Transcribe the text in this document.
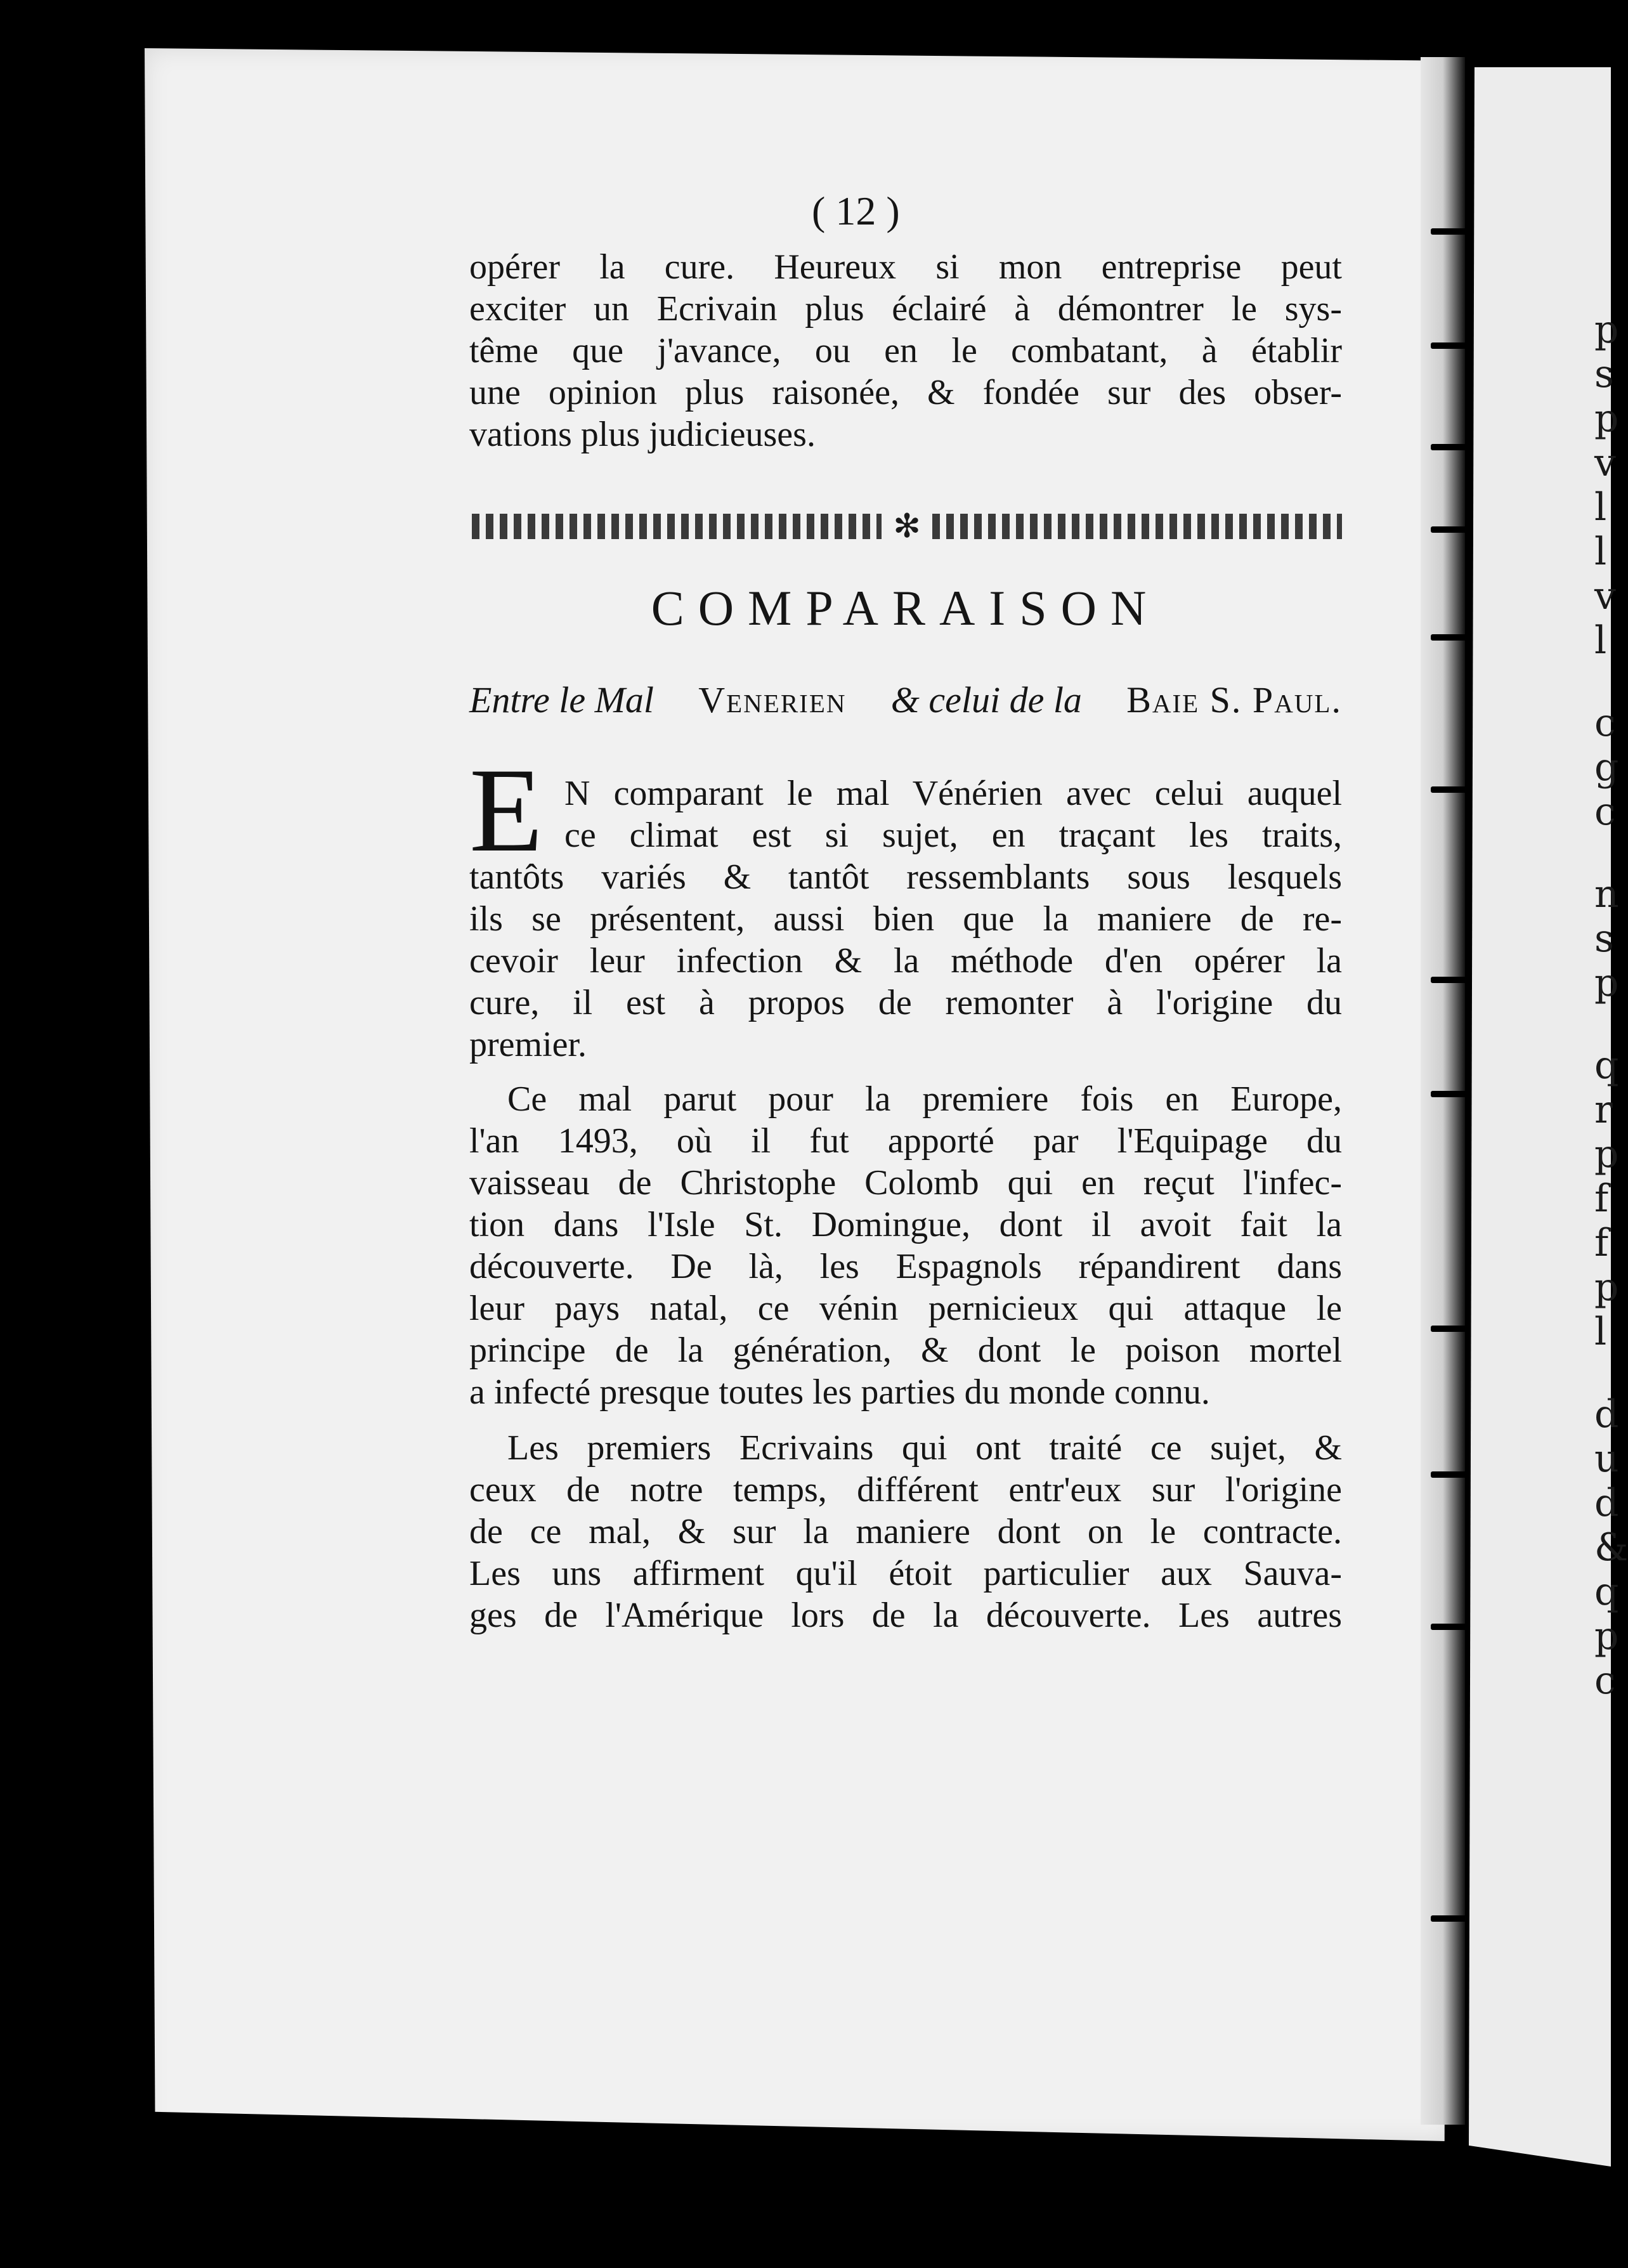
( 12 )
opérer la cure. Heureux si mon entreprise peut
exciter un Ecrivain plus éclairé à démontrer le sys-
tême que j'avance, ou en le combatant, à établir
une opinion plus raisonée, & fondée sur des obser-
vations plus judicieuses.
✻
COMPARAISON
Entre le Mal Venerien & celui de la Baie S. Paul.
E N comparant le mal Vénérien avec celui auquel
ce climat est si sujet, en traçant les traits,
tantôts variés & tantôt ressemblants sous lesquels
ils se présentent, aussi bien que la maniere de re-
cevoir leur infection & la méthode d'en opérer la
cure, il est à propos de remonter à l'origine du
premier.
Ce mal parut pour la premiere fois en Europe,
l'an 1493, où il fut apporté par l'Equipage du
vaisseau de Christophe Colomb qui en reçut l'infec-
tion dans l'Isle St. Domingue, dont il avoit fait la
découverte. De là, les Espagnols répandirent dans
leur pays natal, ce vénin pernicieux qui attaque le
principe de la génération, & dont le poison mortel
a infecté presque toutes les parties du monde connu.
Les premiers Ecrivains qui ont traité ce sujet, &
ceux de notre temps, différent entr'eux sur l'origine
de ce mal, & sur la maniere dont on le contracte.
Les uns affirment qu'il étoit particulier aux Sauva-
ges de l'Amérique lors de la découverte. Les autres
p
s
p
v
l
l
v
l
c
g
c
n
s
p
q
r
p
f
f
p
l
d
u
d
&
q
p
c
